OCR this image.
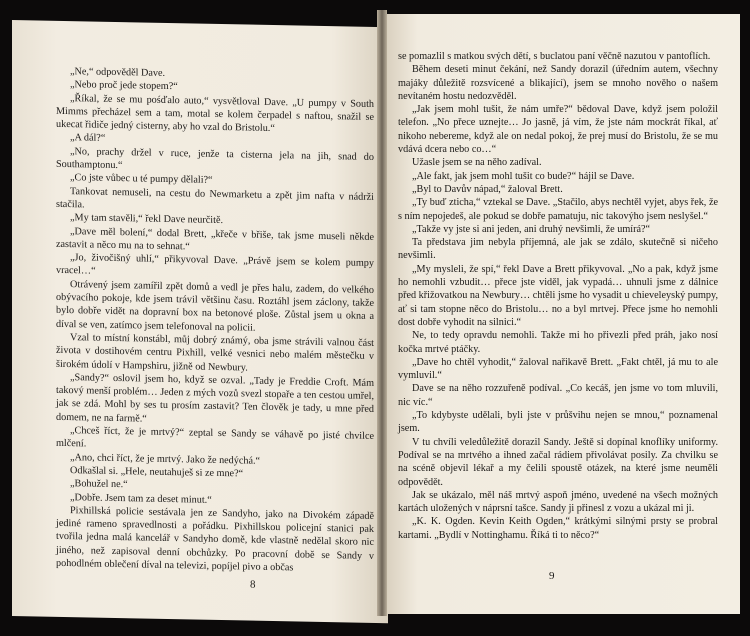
„Ne,“ odpověděl Dave.

„Nebo proč jede stopem?“

„Říkal, že se mu pośďalo auto,“ vysvětloval Dave. „U pumpy v South Mimms přecházel sem a tam, motal se kolem čerpadel s naftou, snažil se ukecat řidiče jedný cisterny, aby ho vzal do Bristolu.“

„A dál?“

„No, prachy držel v ruce, jenže ta cisterna jela na jih, snad do Southamptonu.“

„Co jste vůbec u té pumpy dělali?“

Tankovat nemuseli, na cestu do Newmarketu a zpět jim nafta v nádrži stačila.

„My tam stavěli,“ řekl Dave neurčitě.

„Dave měl bolení,“ dodal Brett, „křeče v břiše, tak jsme museli někde zastavit a něco mu na to sehnat.“

„Jo, živočišný uhlí,“ přikyvoval Dave. „Právě jsem se kolem pumpy vracel…“

Otrávený jsem zamířil zpět domů a vedl je přes halu, zadem, do velkého obývacího pokoje, kde jsem trávil většinu času. Roztáhl jsem záclony, takže bylo dobře vidět na dopravní box na betonové ploše. Zůstal jsem u okna a díval se ven, zatímco jsem telefonoval na policii.

Vzal to místní konstábl, můj dobrý známý, oba jsme strávili valnou část života v dostihovém centru Pixhill, velké vesnici nebo malém městečku v širokém údolí v Hampshiru, jižně od Newbury.

„Sandy?“ oslovil jsem ho, když se ozval. „Tady je Freddie Croft. Mám takový menší problém… Jeden z mých vozů svezl stopaře a ten cestou umřel, jak se zdá. Mohl by ses tu prosím zastavit? Ten člověk je tady, u mne před domem, ne na farmě.“

„Chceš říct, že je mrtvý?“ zeptal se Sandy se váhavě po jisté chvilce mlčení.

„Ano, chci říct, že je mrtvý. Jako že nedýchá.“

Odkašlal si. „Hele, neutahuješ si ze mne?“

„Bohužel ne.“

„Dobře. Jsem tam za deset minut.“

Pixhillská policie sestávala jen ze Sandyho, jako na Divokém západě jediné rameno spravedlnosti a pořádku. Pixhillskou policejní stanici pak tvořila jedna malá kancelář v Sandyho domě, kde vlastně nedělal skoro nic jiného, než zapisoval denní obchůzky. Po pracovní době se Sandy v pohodlném oblečení díval na televizi, popíjel pivo a občas

8

se pomazlil s matkou svých dětí, s buclatou paní věčně nazutou v pantoflích.

Během deseti minut čekání, než Sandy dorazil (úředním autem, všechny majáky důležitě rozsvícené a blikající), jsem se mnoho nověho o našem nevítaném hostu nedozvěděl.

„Jak jsem mohl tušit, že nám umře?“ bědoval Dave, když jsem položil telefon. „No přece uznejte… Jo jasně, já vím, že jste nám mockrát říkal, ať nikoho nebereme, když ale on nedal pokoj, že prej musí do Bristolu, že se mu vdává dcera nebo co…“

Užasle jsem se na něho zadíval.

„Ale fakt, jak jsem mohl tušit co bude?“ hájil se Dave.

„Byl to Davův nápad,“ žaloval Brett.

„Ty buď zticha,“ vztekal se Dave. „Stačilo, abys nechtěl vyjet, abys řek, že s ním nepojedeš, ale pokud se dobře pamatuju, nic takovýho jsem neslyšel.“

„Takže vy jste si ani jeden, ani druhý nevšimli, že umírá?“

Ta představa jim nebyla příjemná, ale jak se zdálo, skutečně si ničeho nevšimli.

„My mysleli, že spí,“ řekl Dave a Brett přikyvoval. „No a pak, když jsme ho nemohli vzbudit… přece jste viděl, jak vypadá… uhnuli jsme z dálnice před křižovatkou na Newbury… chtěli jsme ho vysadit u chieveleyský pumpy, ať si tam stopne něco do Bristolu… no a byl mrtvej. Přece jsme ho nemohli dost dobře vyhodit na silnici.“

Ne, to tedy opravdu nemohli. Takže mi ho přivezli před práh, jako nosí kočka mrtvé ptáčky.

„Dave ho chtěl vyhodit,“ žaloval nařikavě Brett. „Fakt chtěl, já mu to ale vymluvil.“

Dave se na něho rozzuřeně podíval. „Co kecáš, jen jsme vo tom mluvili, nic víc.“

„To kdybyste udělali, byli jste v průšvihu nejen se mnou,“ poznamenal jsem.

V tu chvíli veledůležitě dorazil Sandy. Ještě si dopínal knoflíky uniformy. Podíval se na mrtvého a ihned začal rádiem přivolávat posily. Za chvilku se na scéně objevil lékař a my čelili spoustě otázek, na které jsme neuměli odpovědět.

Jak se ukázalo, měl náš mrtvý aspoň jméno, uvedené na všech možných kartách uložených v náprsní tašce. Sandy ji přinesl z vozu a ukázal mi ji.

„K. K. Ogden. Kevin Keith Ogden,“ krátkými silnými prsty se probral kartami. „Bydlí v Nottinghamu. Říká ti to něco?“

9
